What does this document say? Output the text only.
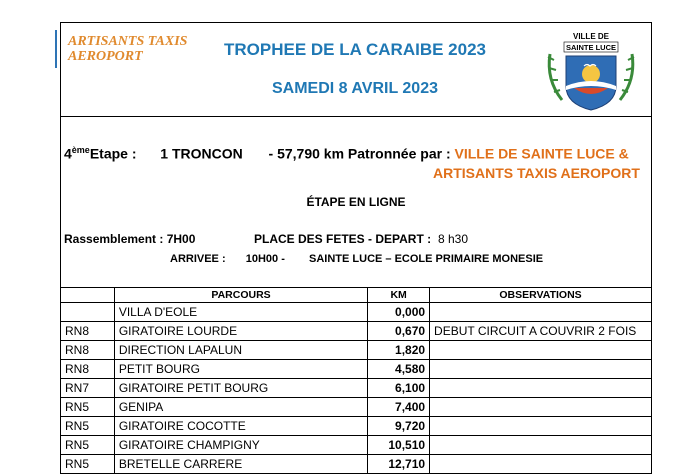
ARTISANTS TAXIS
AEROPORT	TROPHEE DE LA CARAIBE 2023
SAMEDI 8 AVRIL 2023
VILLE DE
SAINTE LUCE
4èmeEtape : 1 TRONCON - 57,790 km Patronnée par : VILLE DE SAINTE LUCE &
ARTISANTS TAXIS AEROPORT
ÉTAPE EN LIGNE
Rassemblement : 7H00	PLACE DES FETES - DEPART : 8 h30
ARRIVEE : 10H00 - SAINTE LUCE – ECOLE PRIMAIRE MONESIE
	PARCOURS	KM	OBSERVATIONS
	VILLA D'EOLE	0,000	
RN8	GIRATOIRE LOURDE	0,670	DEBUT CIRCUIT A COUVRIR 2 FOIS
RN8	DIRECTION LAPALUN	1,820	
RN8	PETIT BOURG	4,580	
RN7	GIRATOIRE PETIT BOURG	6,100	
RN5	GENIPA	7,400	
RN5	GIRATOIRE COCOTTE	9,720	
RN5	GIRATOIRE CHAMPIGNY	10,510	
RN5	BRETELLE CARRERE	12,710	
